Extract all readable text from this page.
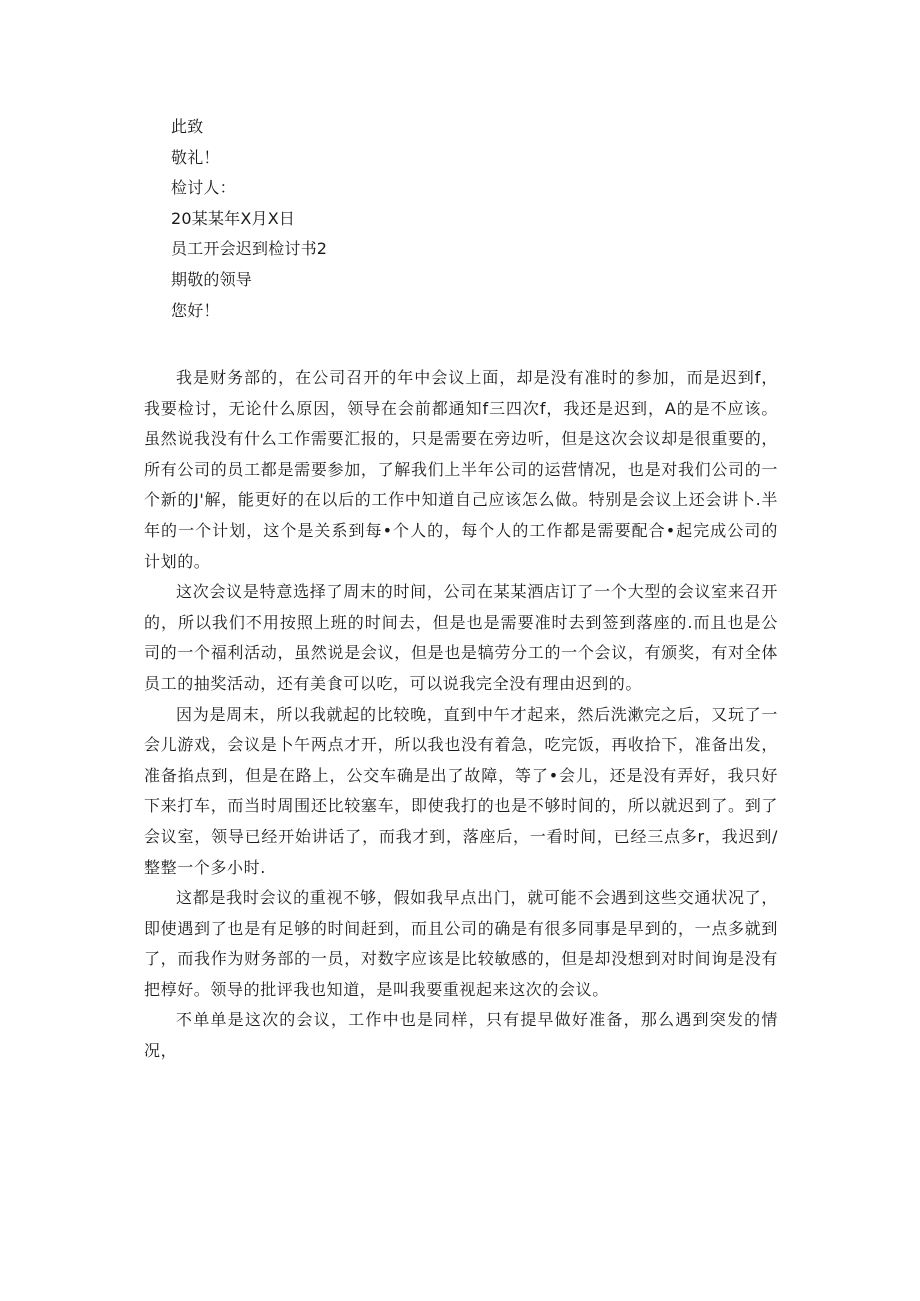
此致
敬礼！
检讨人：
20某某年X月X日
员工开会迟到检讨书2
期敬的领导
您好！

我是财务部的，在公司召开的年中会议上面，却是没有准时的参加，而是迟到f，我要检讨，无论什么原因，领导在会前都通知f三四次f，我还是迟到，A的是不应该。虽然说我没有什么工作需要汇报的，只是需要在旁边听，但是这次会议却是很重要的，所有公司的员工都是需要参加，了解我们上半年公司的运营情况，也是对我们公司的一个新的J'解，能更好的在以后的工作中知道自己应该怎么做。特别是会议上还会讲卜.半年的一个计划，这个是关系到每•个人的，每个人的工作都是需要配合•起完成公司的计划的。

这次会议是特意选择了周末的时间，公司在某某酒店订了一个大型的会议室来召开的，所以我们不用按照上班的时间去，但是也是需要准时去到签到落座的.而且也是公司的一个福利活动，虽然说是会议，但是也是犒劳分工的一个会议，有颁奖，有对全体员工的抽奖活动，还有美食可以吃，可以说我完全没有理由迟到的。

因为是周末，所以我就起的比较晚，直到中午才起来，然后洗漱完之后，又玩了一会儿游戏，会议是卜午两点才开，所以我也没有着急，吃完饭，再收拾下，准备出发，准备掐点到，但是在路上，公交车确是出了故障，等了•会儿，还是没有弄好，我只好下来打车，而当时周围还比较塞车，即使我打的也是不够时间的，所以就迟到了。到了会议室，领导已经开始讲话了，而我才到，落座后，一看时间，已经三点多r，我迟到/整整一个多小时.

这都是我时会议的重视不够，假如我早点出门，就可能不会遇到这些交通状况了，即使遇到了也是有足够的时间赶到，而且公司的确是有很多同事是早到的，一点多就到了，而我作为财务部的一员，对数字应该是比较敏感的，但是却没想到对时间询是没有把椁好。领导的批评我也知道，是叫我要重视起来这次的会议。

不单单是这次的会议，工作中也是同样，只有提早做好准备，那么遇到突发的情况，
